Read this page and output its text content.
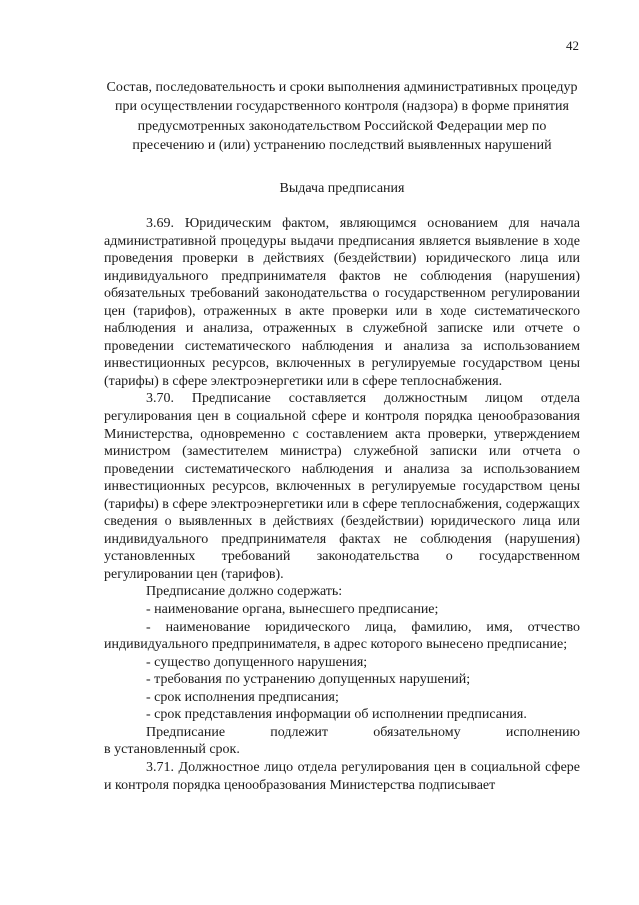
42
Состав, последовательность и сроки выполнения административных процедур при осуществлении государственного контроля (надзора) в форме принятия предусмотренных законодательством Российской Федерации мер по пресечению и (или) устранению последствий выявленных нарушений
Выдача предписания

3.69. Юридическим фактом, являющимся основанием для начала административной процедуры выдачи предписания является выявление в ходе проведения проверки в действиях (бездействии) юридического лица или индивидуального предпринимателя фактов не соблюдения (нарушения) обязательных требований законодательства о государственном регулировании цен (тарифов), отраженных в акте проверки или в ходе систематического наблюдения и анализа, отраженных в служебной записке или отчете о проведении систематического наблюдения и анализа за использованием инвестиционных ресурсов, включенных в регулируемые государством цены (тарифы) в сфере электроэнергетики или в сфере теплоснабжения.

3.70. Предписание составляется должностным лицом отдела регулирования цен в социальной сфере и контроля порядка ценообразования Министерства, одновременно с составлением акта проверки, утверждением министром (заместителем министра) служебной записки или отчета о проведении систематического наблюдения и анализа за использованием инвестиционных ресурсов, включенных в регулируемые государством цены (тарифы) в сфере электроэнергетики или в сфере теплоснабжения, содержащих сведения о выявленных в действиях (бездействии) юридического лица или индивидуального предпринимателя фактах не соблюдения (нарушения) установленных требований законодательства о государственном регулировании цен (тарифов).

Предписание должно содержать:

- наименование органа, вынесшего предписание;

- наименование юридического лица, фамилию, имя, отчество индивидуального предпринимателя, в адрес которого вынесено предписание;

- существо допущенного нарушения;

- требования по устранению допущенных нарушений;

- срок исполнения предписания;

- срок представления информации об исполнении предписания.

Предписание подлежит обязательному исполнению

в установленный срок.

3.71. Должностное лицо отдела регулирования цен в социальной сфере и контроля порядка ценообразования Министерства подписывает
